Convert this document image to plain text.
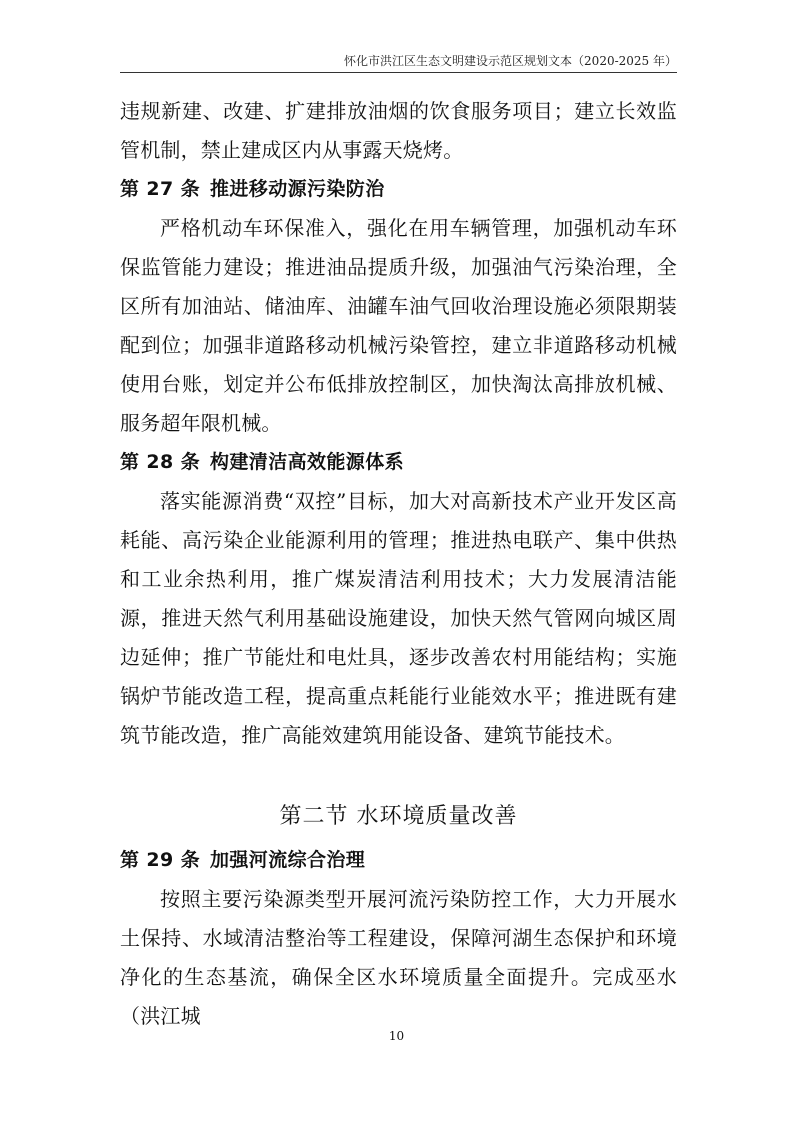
怀化市洪江区生态文明建设示范区规划文本（2020-2025 年）

违规新建、改建、扩建排放油烟的饮食服务项目；建立长效监管机制，禁止建成区内从事露天烧烤。

第 27 条 推进移动源污染防治

严格机动车环保准入，强化在用车辆管理，加强机动车环保监管能力建设；推进油品提质升级，加强油气污染治理，全区所有加油站、储油库、油罐车油气回收治理设施必须限期装配到位；加强非道路移动机械污染管控，建立非道路移动机械使用台账，划定并公布低排放控制区，加快淘汰高排放机械、服务超年限机械。

第 28 条 构建清洁高效能源体系

落实能源消费“双控”目标，加大对高新技术产业开发区高耗能、高污染企业能源利用的管理；推进热电联产、集中供热和工业余热利用，推广煤炭清洁利用技术；大力发展清洁能源，推进天然气利用基础设施建设，加快天然气管网向城区周边延伸；推广节能灶和电灶具，逐步改善农村用能结构；实施锅炉节能改造工程，提高重点耗能行业能效水平；推进既有建筑节能改造，推广高能效建筑用能设备、建筑节能技术。

第二节 水环境质量改善
第 29 条 加强河流综合治理

按照主要污染源类型开展河流污染防控工作，大力开展水土保持、水域清洁整治等工程建设，保障河湖生态保护和环境净化的生态基流，确保全区水环境质量全面提升。完成巫水（洪江城

10
